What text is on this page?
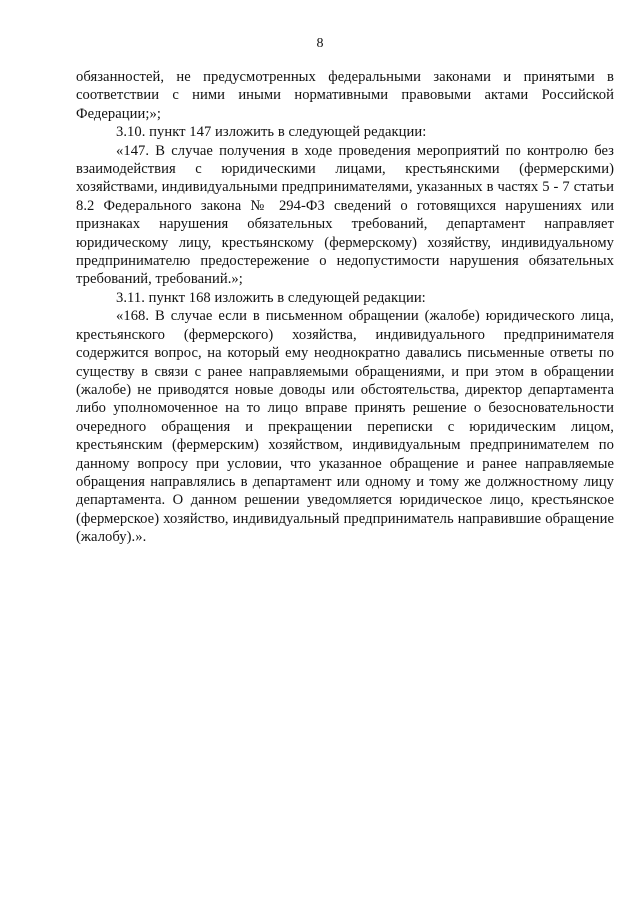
8

обязанностей, не предусмотренных федеральными законами и принятыми в соответствии с ними иными нормативными правовыми актами Российской Федерации;»;

3.10. пункт 147 изложить в следующей редакции:

«147. В случае получения в ходе проведения мероприятий по контролю без взаимодействия с юридическими лицами, крестьянскими (фермерскими) хозяйствами, индивидуальными предпринимателями, указанных в частях 5 - 7 статьи 8.2 Федерального закона № 294-ФЗ сведений о готовящихся нарушениях или признаках нарушения обязательных требований, департамент направляет юридическому лицу, крестьянскому (фермерскому) хозяйству, индивидуальному предпринимателю предостережение о недопустимости нарушения обязательных требований, требований.»;

3.11. пункт 168 изложить в следующей редакции:

«168. В случае если в письменном обращении (жалобе) юридического лица, крестьянского (фермерского) хозяйства, индивидуального предпринимателя содержится вопрос, на который ему неоднократно давались письменные ответы по существу в связи с ранее направляемыми обращениями, и при этом в обращении (жалобе) не приводятся новые доводы или обстоятельства, директор департамента либо уполномоченное на то лицо вправе принять решение о безосновательности очередного обращения и прекращении переписки с юридическим лицом, крестьянским (фермерским) хозяйством, индивидуальным предпринимателем по данному вопросу при условии, что указанное обращение и ранее направляемые обращения направлялись в департамент или одному и тому же должностному лицу департамента. О данном решении уведомляется юридическое лицо, крестьянское (фермерское) хозяйство, индивидуальный предприниматель направившие обращение (жалобу).».
